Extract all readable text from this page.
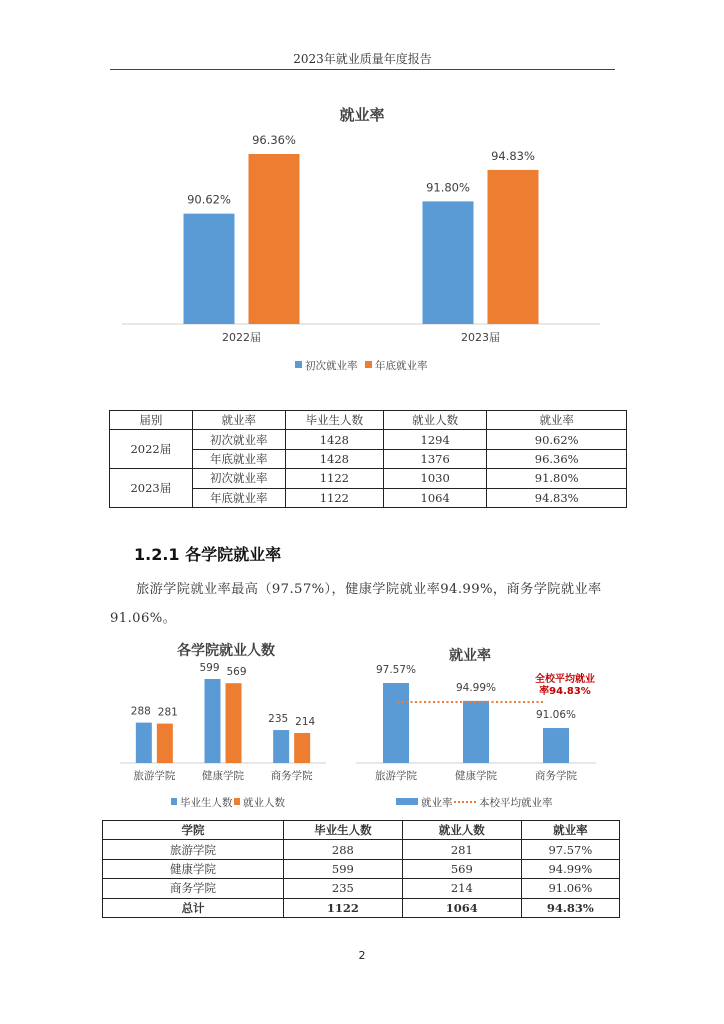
2023年就业质量年度报告
就业率
90.62%
96.36%
2022届
91.80%
94.83%
2023届
初次就业率 年底就业率
届别	就业率	毕业生人数	就业人数	就业率
2022届	初次就业率	1428	1294	90.62%
	年底就业率	1428	1376	96.36%
2023届	初次就业率	1122	1030	91.80%
	年底就业率	1122	1064	94.83%
1.2.1 各学院就业率
旅游学院就业率最高（97.57%），健康学院就业率94.99%，商务学院就业率91.06%。
各学院就业人数
288 281
旅游学院
599 569
健康学院
235 214
商务学院
毕业生人数 就业人数
就业率
97.57%
旅游学院
94.99%
健康学院
91.06%
商务学院
全校平均就业
率94.83%
就业率	本校平均就业率
学院	毕业生人数	就业人数	就业率
旅游学院	288	281	97.57%
健康学院	599	569	94.99%
商务学院	235	214	91.06%
总计	1122	1064	94.83%
2
